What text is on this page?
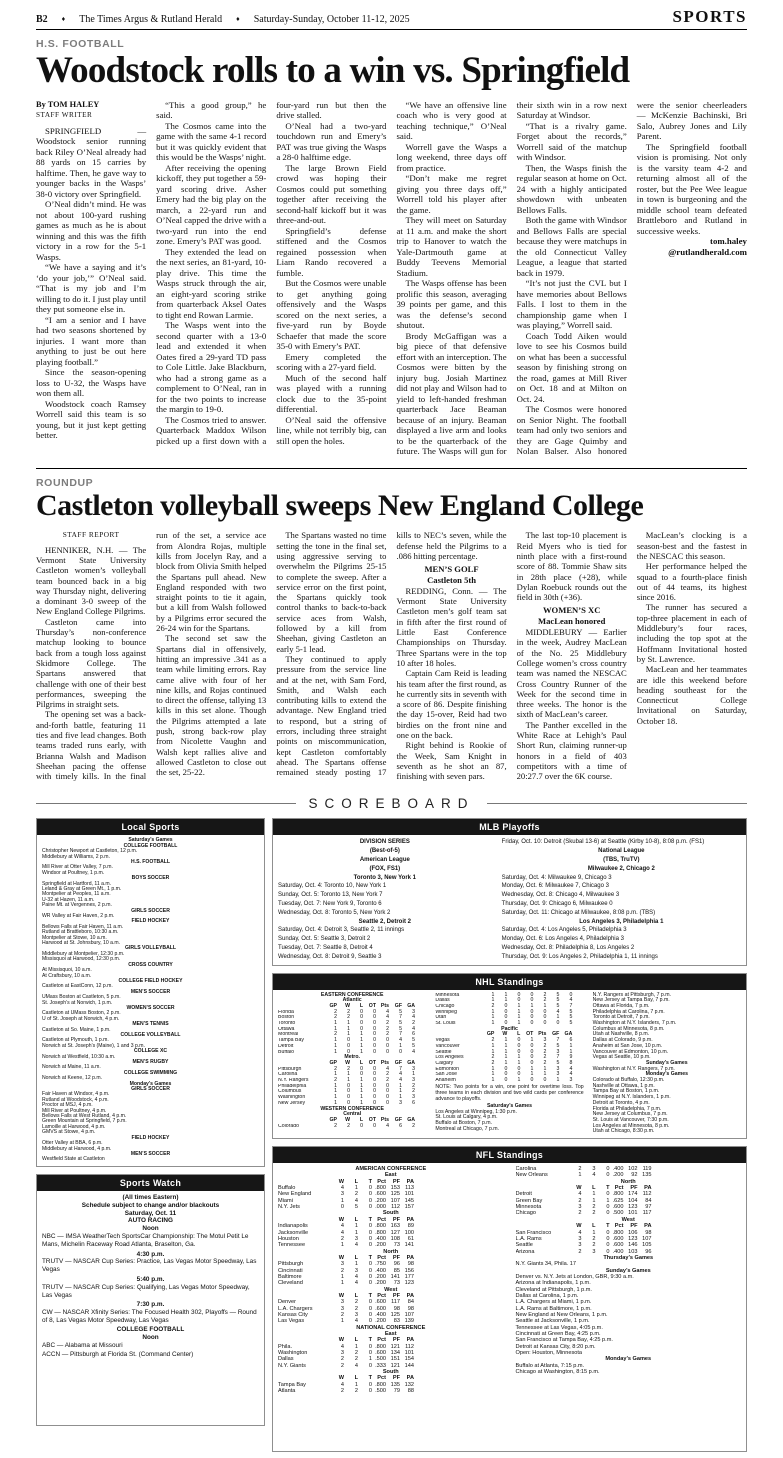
B2 ♦ The Times Argus & Rutland Herald ♦ Saturday-Sunday, October 11-12, 2025	SPORTS
H.S. FOOTBALL
Woodstock rolls to a win vs. Springfield
By TOM HALEY
STAFF WRITER
SPRINGFIELD — Woodstock senior running back Riley O’Neal already had 88 yards on 15 carries by halftime. Then, he gave way to younger backs in the Wasps’ 38-0 victory over Springfield.
O’Neal didn’t mind. He was not about 100-yard rushing games as much as he is about winning and this was the fifth victory in a row for the 5-1 Wasps.
“We have a saying and it’s ‘do your job,’” O’Neal said. “That is my job and I’m willing to do it. I just play until they put someone else in.
“I am a senior and I have had two seasons shortened by injuries. I want more than anything to just be out here playing football.”
Since the season-opening loss to U-32, the Wasps have won them all.
Woodstock coach Ramsey Worrell said this team is so young, but it just kept getting better.
“This a good group,” he said.
The Cosmos came into the game with the same 4-1 record but it was quickly evident that this would be the Wasps’ night.
After receiving the opening kickoff, they put together a 59-yard scoring drive. Asher Emery had the big play on the march, a 22-yard run and O’Neal capped the drive with a two-yard run into the end zone. Emery’s PAT was good.
They extended the lead on the next series, an 81-yard, 10-play drive. This time the Wasps struck through the air, an eight-yard scoring strike from quarterback Aksel Oates to tight end Rowan Larmie.
The Wasps went into the second quarter with a 13-0 lead and extended it when Oates fired a 29-yard TD pass to Cole Little. Jake Blackburn, who had a strong game as a complement to O’Neal, ran in for the two points to increase the margin to 19-0.
The Cosmos tried to answer. Quarterback Maddox Wilson picked up a first down with a four-yard run but then the drive stalled.
O’Neal had a two-yard touchdown run and Emery’s PAT was true giving the Wasps a 28-0 halftime edge.
The large Brown Field crowd was hoping their Cosmos could put something together after receiving the second-half kickoff but it was three-and-out.
Springfield’s defense stiffened and the Cosmos regained possession when Liam Rando recovered a fumble.
But the Cosmos were unable to get anything going offensively and the Wasps scored on the next series, a five-yard run by Boyde Schaefer that made the score 35-0 with Emery’s PAT.
Emery completed the scoring with a 27-yard field.
Much of the second half was played with a running clock due to the 35-point differential.
O’Neal said the offensive line, while not terribly big, can still open the holes.
“We have an offensive line coach who is very good at teaching technique,” O’Neal said.
Worrell gave the Wasps a long weekend, three days off from practice.
“Don’t make me regret giving you three days off,” Worrell told his player after the game.
They will meet on Saturday at 11 a.m. and make the short trip to Hanover to watch the Yale-Dartmouth game at Buddy Teevens Memorial Stadium.
The Wasps offense has been prolific this season, averaging 39 points per game, and this was the defense’s second shutout.
Brody McGaffigan was a big piece of that defensive effort with an interception. The Cosmos were bitten by the injury bug. Josiah Martinez did not play and Wilson had to yield to left-handed freshman quarterback Jace Beaman because of an injury. Beaman displayed a live arm and looks to be the quarterback of the future. The Wasps will gun for their sixth win in a row next Saturday at Windsor.
“That is a rivalry game. Forget about the records,” Worrell said of the matchup with Windsor.
Then, the Wasps finish the regular season at home on Oct. 24 with a highly anticipated showdown with unbeaten Bellows Falls.
Both the game with Windsor and Bellows Falls are special because they were matchups in the old Connecticut Valley League, a league that started back in 1979.
“It’s not just the CVL but I have memories about Bellows Falls. I lost to them in the championship game when I was playing,” Worrell said.
Coach Todd Aiken would love to see his Cosmos build on what has been a successful season by finishing strong on the road, games at Mill River on Oct. 18 and at Milton on Oct. 24.
The Cosmos were honored on Senior Night. The football team had only two seniors and they are Gage Quimby and Nolan Balser. Also honored were the senior cheerleaders — McKenzie Bachinski, Bri Salo, Aubrey Jones and Lily Parent.
The Springfield football vision is promising. Not only is the varsity team 4-2 and returning almost all of the roster, but the Pee Wee league in town is burgeoning and the middle school team defeated Brattleboro and Rutland in successive weeks.
tom.haley
@rutlandherald.com
ROUNDUP
Castleton volleyball sweeps New England College
STAFF REPORT
HENNIKER, N.H. — The Vermont State University Castleton women’s volleyball team bounced back in a big way Thursday night, delivering a dominant 3-0 sweep of the New England College Pilgrims.
Castleton came into Thursday’s non-conference matchup looking to bounce back from a tough loss against Skidmore College. The Spartans answered that challenge with one of their best performances, sweeping the Pilgrims in straight sets.
The opening set was a back-and-forth battle, featuring 11 ties and five lead changes. Both teams traded runs early, with Brianna Walsh and Madison Sheehan pacing the offense with timely kills. In the final run of the set, a service ace from Alondra Rojas, multiple kills from Jocelyn Ray, and a block from Olivia Smith helped the Spartans pull ahead. New England responded with two straight points to tie it again, but a kill from Walsh followed by a Pilgrims error secured the 26-24 win for the Spartans.
The second set saw the Spartans dial in offensively, hitting an impressive .341 as a team while limiting errors. Ray came alive with four of her nine kills, and Rojas continued to direct the offense, tallying 13 kills in this set alone. Though the Pilgrims attempted a late push, strong back-row play from Nicolette Vaughn and Walsh kept rallies alive and allowed Castleton to close out the set, 25-22.
The Spartans wasted no time setting the tone in the final set, using aggressive serving to overwhelm the Pilgrims 25-15 to complete the sweep. After a service error on the first point, the Spartans quickly took control thanks to back-to-back service aces from Walsh, followed by a kill from Sheehan, giving Castleton an early 5-1 lead.
They continued to apply pressure from the service line and at the net, with Sam Ford, Smith, and Walsh each contributing kills to extend the advantage. New England tried to respond, but a string of errors, including three straight points on miscommunication, kept Castleton comfortably ahead. The Spartans offense remained steady posting 17 kills to NEC’s seven, while the defense held the Pilgrims to a .086 hitting percentage.
MEN’S GOLF
Castleton 5th
REDDING, Conn. — The Vermont State University Castleton men’s golf team sat in fifth after the first round of Little East Conference Championships on Thursday. Three Spartans were in the top 10 after 18 holes.
Captain Cam Reid is leading his team after the first round, as he currently sits in seventh with a score of 86. Despite finishing the day 15-over, Reid had two birdies on the front nine and one on the back.
Right behind is Rookie of the Week, Sam Knight in seventh as he shot an 87, finishing with seven pars.
The last top-10 placement is Reid Myers who is tied for ninth place with a first-round score of 88. Tommie Shaw sits in 28th place (+28), while Dylan Roebuck rounds out the field in 30th (+36).
WOMEN’S XC
MacLean honored
MIDDLEBURY — Earlier in the week, Audrey MacLean of the No. 25 Middlebury College women’s cross country team was named the NESCAC Cross Country Runner of the Week for the second time in three weeks. The honor is the sixth of MacLean’s career.
The Panther excelled in the White Race at Lehigh’s Paul Short Run, claiming runner-up honors in a field of 403 competitors with a time of 20:27.7 over the 6K course.
MacLean’s clocking is a season-best and the fastest in the NESCAC this season.
Her performance helped the squad to a fourth-place finish out of 44 teams, its highest since 2016.
The runner has secured a top-three placement in each of Middlebury’s four races, including the top spot at the Hoffmann Invitational hosted by St. Lawrence.
MacLean and her teammates are idle this weekend before heading southeast for the Connecticut College Invitational on Saturday, October 18.
SCOREBOARD
Local Sports
Saturday’s Games
COLLEGE FOOTBALL
Christopher Newport at Castleton, 12 p.m.
Middlebury at Williams, 2 p.m.
H.S. FOOTBALL
Mill River at Otter Valley, 7 p.m.
Windsor at Poultney, 1 p.m.
BOYS SOCCER
Springfield at Hartford, 11 a.m.
Leland & Gray at Green Mt., 1 p.m.
Montpelier at Peoples, 11 a.m.
U-32 at Hazen, 11 a.m.
Paine Mt. at Vergennes, 2 p.m.
GIRLS SOCCER
WR Valley at Fair Haven, 2 p.m.
FIELD HOCKEY
Bellows Falls at Fair Haven, 11 a.m.
Rutland at Brattleboro, 10:30 a.m.
Montpelier at Stowe, 10 a.m.
Harwood at St. Johnsbury, 10 a.m.
GIRLS VOLLEYBALL
Middlebury at Montpelier, 12:30 p.m.
Missisquoi at Harwood, 12:30 p.m.
CROSS COUNTRY
At Missisquoi, 10 a.m.
At Craftsbury, 10 a.m.
COLLEGE FIELD HOCKEY
Castleton at EastConn, 12 p.m.
MEN’S SOCCER
UMass Boston at Castleton, 5 p.m.
St. Joseph’s at Norwich, 1 p.m.
WOMEN’S SOCCER
Castleton at UMass Boston, 2 p.m.
U of St. Joseph at Norwich, 4 p.m.
MEN’S TENNIS
Castleton at So. Maine, 1 p.m.
COLLEGE VOLLEYBALL
Castleton at Plymouth, 1 p.m.
Norwich at St. Joseph’s (Maine), 1 and 3 p.m.
COLLEGE XC
Norwich at Westfield, 10:30 a.m.
MEN’S RUGBY
Norwich at Maine, 11 a.m.
COLLEGE SWIMMING
Norwich at Keene, 12 p.m.
Monday’s Games
GIRLS SOCCER
Fair Haven at Windsor, 4 p.m.
Rutland at Woodstock, 4 p.m.
Proctor at MSJ, 4 p.m.
Mill River at Poultney, 4 p.m.
Bellows Falls at West Rutland, 4 p.m.
Green Mountain at Springfield, 7 p.m.
Lamoille at Harwood, 4 p.m.
GMVS at Stowe, 4 p.m.
FIELD HOCKEY
Otter Valley at BBA, 6 p.m.
Middlebury at Harwood, 4 p.m.
MEN’S SOCCER
Westfield State at Castleton
Sports Watch
(All times Eastern)
Schedule subject to change and/or blackouts
Saturday, Oct. 11
AUTO RACING
Noon
NBC — IMSA WeatherTech SportsCar Championship: The Motul Petit Le Mans, Michelin Raceway Road Atlanta, Braselton, Ga.
4:30 p.m.
TRUTV — NASCAR Cup Series: Practice, Las Vegas Motor Speedway, Las Vegas
5:40 p.m.
TRUTV — NASCAR Cup Series: Qualifying, Las Vegas Motor Speedway, Las Vegas
7:30 p.m.
CW — NASCAR Xfinity Series: The Focused Health 302, Playoffs — Round of 8, Las Vegas Motor Speedway, Las Vegas
COLLEGE FOOTBALL
Noon
ABC — Alabama at Missouri
ACCN — Pittsburgh at Florida St. (Command Center)
MLB Playoffs
DIVISION SERIES
(Best-of-5)
American League
(FOX, FS1)
Toronto 3, New York 1
Saturday, Oct. 4: Toronto 10, New York 1
Sunday, Oct. 5: Toronto 13, New York 7
Tuesday, Oct. 7: New York 9, Toronto 6
Wednesday, Oct. 8: Toronto 5, New York 2
Seattle 2, Detroit 2
Saturday, Oct. 4: Detroit 3, Seattle 2, 11 innings
Sunday, Oct. 5: Seattle 3, Detroit 2
Tuesday, Oct. 7: Seattle 8, Detroit 4
Wednesday, Oct. 8: Detroit 9, Seattle 3
Friday, Oct. 10: Detroit (Skubal 13-6) at Seattle (Kirby 10-8), 8:08 p.m. (FS1)
National League
(TBS, TruTV)
Milwaukee 2, Chicago 2
Saturday, Oct. 4: Milwaukee 9, Chicago 3
Monday, Oct. 6: Milwaukee 7, Chicago 3
Wednesday, Oct. 8: Chicago 4, Milwaukee 3
Thursday, Oct. 9: Chicago 6, Milwaukee 0
Saturday, Oct. 11: Chicago at Milwaukee, 8:08 p.m. (TBS)
Los Angeles 3, Philadelphia 1
Saturday, Oct. 4: Los Angeles 5, Philadelphia 3
Monday, Oct. 6: Los Angeles 4, Philadelphia 3
Wednesday, Oct. 8: Philadelphia 8, Los Angeles 2
Thursday, Oct. 9: Los Angeles 2, Philadelphia 1, 11 innings
NHL Standings
EASTERN CONFERENCE
Atlantic
GP	W	L	OT Pts	GF	GA
Florida	2	2	0	0	4	5	3
Boston	2	2	0	0	4	7	4
Toronto	1	1	0	0	2	5	2
Ottawa	1	1	0	0	2	5	4
Montreal	2	1	1	0	2	7	6
Tampa Bay	1	0	1	0	0	4	5
Detroit	1	0	1	0	0	1	5
Buffalo	1	0	1	0	0	0	4
Metro.
GP	W	L	OT Pts	GF	GA
Pittsburgh	2	2	0	0	4	7	3
Carolina	1	1	0	0	2	4	1
N.Y. Rangers	2	1	1	0	2	4	3
Philadelphia	1	0	1	0	0	1	2
Columbus	1	0	1	0	0	1	2
Washington	1	0	1	0	0	1	3
New Jersey	1	0	1	0	0	3	6
WESTERN CONFERENCE
Central
GP	W	L	OT Pts	GF	GA
Colorado	2	2	0	0	4	6	2
Minnesota	1	1	0	0	2	5	0
Dallas	1	1	0	0	2	5	4
Chicago	2	0	1	1	1	5	7
Winnipeg	1	0	1	0	0	4	5
Utah	1	0	1	0	0	1	5
St. Louis	1	0	1	0	0	0	5
Pacific
GP	W	L	OT Pts	GF	GA
Vegas	2	1	0	1	3	7	6
Vancouver	1	1	0	0	2	5	1
Seattle	1	1	0	0	2	3	1
Los Angeles	2	1	1	0	2	7	9
Calgary	2	1	1	0	2	5	8
Edmonton	1	0	0	1	1	3	4
San Jose	1	0	0	1	1	3	4
Anaheim	1	0	1	0	0	1	3
NOTE: Two points for a win, one point for overtime loss. Top three teams in each division and two wild cards per conference advance to playoffs.
Saturday’s Games
Los Angeles at Winnipeg, 1:30 p.m.
St. Louis at Calgary, 4 p.m.
Buffalo at Boston, 7 p.m.
Montreal at Chicago, 7 p.m.
N.Y. Rangers at Pittsburgh, 7 p.m.
New Jersey at Tampa Bay, 7 p.m.
Ottawa at Florida, 7 p.m.
Philadelphia at Carolina, 7 p.m.
Toronto at Detroit, 7 p.m.
Washington at N.Y. Islanders, 7 p.m.
Columbus at Minnesota, 8 p.m.
Utah at Nashville, 8 p.m.
Dallas at Colorado, 9 p.m.
Anaheim at San Jose, 10 p.m.
Vancouver at Edmonton, 10 p.m.
Vegas at Seattle, 10 p.m.
Sunday’s Games
Washington at N.Y. Rangers, 7 p.m.
Monday’s Games
Colorado at Buffalo, 12:30 p.m.
Nashville at Ottawa, 1 p.m.
Tampa Bay at Boston, 1 p.m.
Winnipeg at N.Y. Islanders, 1 p.m.
Detroit at Toronto, 4 p.m.
Florida at Philadelphia, 7 p.m.
New Jersey at Columbus, 7 p.m.
St. Louis at Vancouver, 7:30 p.m.
Los Angeles at Minnesota, 8 p.m.
Utah at Chicago, 8:30 p.m.
NFL Standings
AMERICAN CONFERENCE
East
W	L	T Pct	PF	PA
Buffalo	4	1	0 .800 153 113
New England	3	2	0 .600 125 101
Miami	1	4	0 .200 107 145
N.Y. Jets	0	5	0 .000 112 157
South
W	L	T Pct	PF	PA
Indianapolis	4	1	0 .800 163	89
Jacksonville	4	1	0 .800 127 100
Houston	2	3	0 .400 108	61
Tennessee	1	4	0 .200	73 141
North
W	L	T Pct	PF	PA
Pittsburgh	3	1	0 .750	96	98
Cincinnati	2	3	0 .400	85 156
Baltimore	1	4	0 .200 141 177
Cleveland	1	4	0 .200	73 123
West
W	L	T Pct	PF	PA
Denver	3	2	0 .600 117	84
L.A. Chargers	3	2	0 .600	98	98
Kansas City	2	3	0 .400 125 107
Las Vegas	1	4	0 .200	83 139
NATIONAL CONFERENCE
East
W	L	T Pct	PF	PA
Phila.	4	1	0 .800 121 112
Washington	3	2	0 .600 134 101
Dallas	2	2	1 .500 151 154
N.Y. Giants	2	4	0 .333 121 144
South
W	L	T Pct	PF	PA
Tampa Bay	4	1	0 .800 135 132
Atlanta	2	2	0 .500	79	88
Carolina	2	3	0 .400 102 119
New Orleans	1	4	0 .200	92 135
North
W	L	T Pct	PF	PA
Detroit	4	1	0 .800 174 112
Green Bay	2	1	1 .625 104	84
Minnesota	3	2	0 .600 123	97
Chicago	2	2	0 .500 101 117
West
W	L	T Pct	PF	PA
San Francisco	4	1	0 .800 106	98
L.A. Rams	3	2	0 .600 123 107
Seattle	3	2	0 .600 146 105
Arizona	2	3	0 .400 103	96
Thursday’s Games
N.Y. Giants 34, Phila. 17
Sunday’s Games
Denver vs. N.Y. Jets at London, GBR, 9:30 a.m.
Arizona at Indianapolis, 1 p.m.
Cleveland at Pittsburgh, 1 p.m.
Dallas at Carolina, 1 p.m.
L.A. Chargers at Miami, 1 p.m.
L.A. Rams at Baltimore, 1 p.m.
New England at New Orleans, 1 p.m.
Seattle at Jacksonville, 1 p.m.
Tennessee at Las Vegas, 4:05 p.m.
Cincinnati at Green Bay, 4:25 p.m.
San Francisco at Tampa Bay, 4:25 p.m.
Detroit at Kansas City, 8:20 p.m.
Open: Houston, Minnesota
Monday’s Games
Buffalo at Atlanta, 7:15 p.m.
Chicago at Washington, 8:15 p.m.
